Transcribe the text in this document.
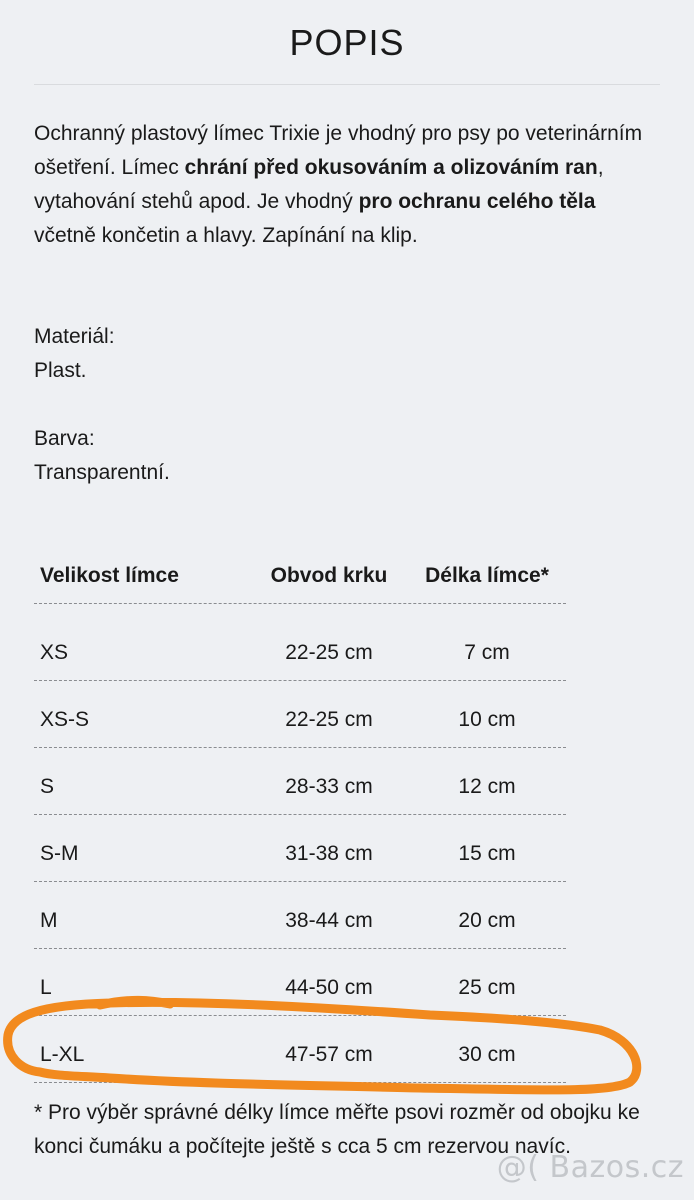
POPIS
Ochranný plastový límec Trixie je vhodný pro psy po veterinárním ošetření. Límec chrání před okusováním a olizováním ran, vytahování stehů apod. Je vhodný pro ochranu celého těla včetně končetin a hlavy. Zapínání na klip.
Materiál:
Plast.
Barva:
Transparentní.
Velikost límce	Obvod krku	Délka límce*
XS	22-25 cm	7 cm
XS-S	22-25 cm	10 cm
S	28-33 cm	12 cm
S-M	31-38 cm	15 cm
M	38-44 cm	20 cm
L	44-50 cm	25 cm
L-XL	47-57 cm	30 cm
* Pro výběr správné délky límce měřte psovi rozměr od obojku ke konci čumáku a počítejte ještě s cca 5 cm rezervou navíc.
@( Bazos.cz
